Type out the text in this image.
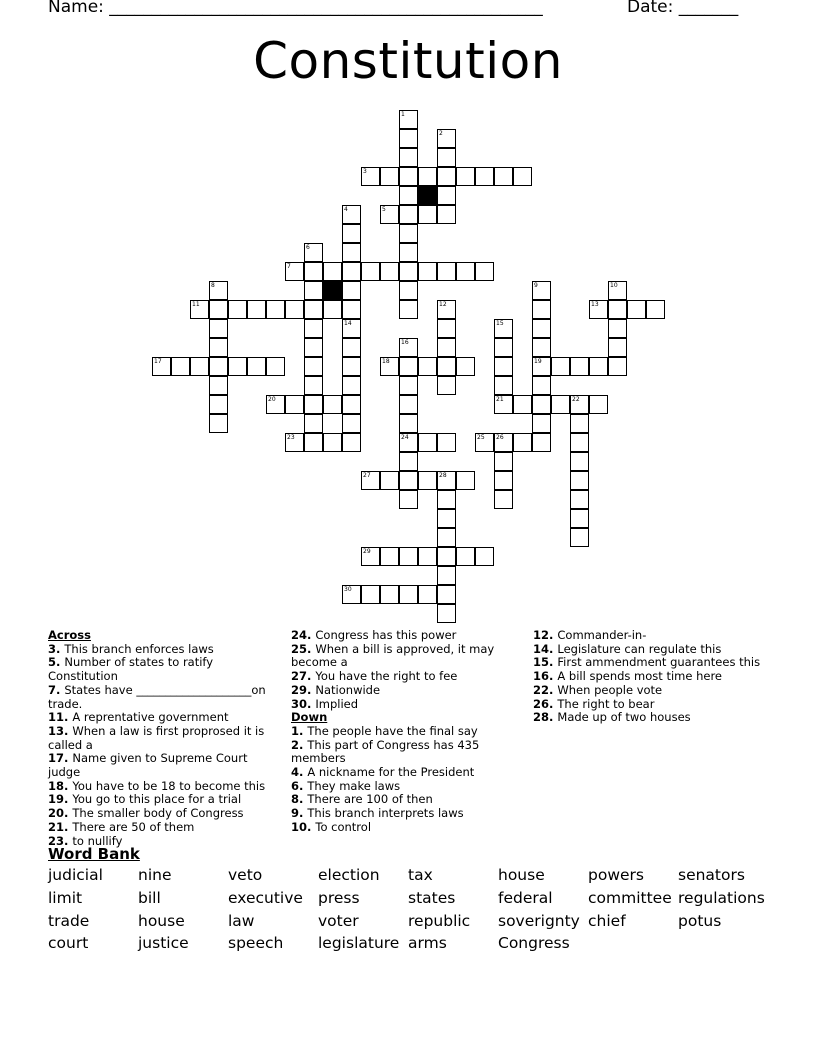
Name: ___________________________________________________	Date: _______
Constitution
3
5
7
11	13
17	18	19
20	21	22
23	24	25 26
27	28
29
30
1
2
4
14
6
8	9	10
12
15
16
Across
3. This branch enforces laws
5. Number of states to ratify Constitution
7. States have ____________________on trade.
11. A reprentative government
13. When a law is first proprosed it is called a
17. Name given to Supreme Court judge
18. You have to be 18 to become this
19. You go to this place for a trial
20. The smaller body of Congress
21. There are 50 of them
23. to nullify
24. Congress has this power
25. When a bill is approved, it may become a
27. You have the right to fee
29. Nationwide
30. Implied
Down
1. The people have the final say
2. This part of Congress has 435 members
4. A nickname for the President
6. They make laws
8. There are 100 of then
9. This branch interprets laws
10. To control
12. Commander-in-
14. Legislature can regulate this
15. First ammendment guarantees this
16. A bill spends most time here
22. When people vote
26. The right to bear
28. Made up of two houses
Word Bank
judicial nine	veto	election tax	house	powers senators
limit	bill	executive press	states	federal committee regulations
trade	house	law	voter	republic soverignty chief	potus
court	justice	speech legislature arms	Congress
